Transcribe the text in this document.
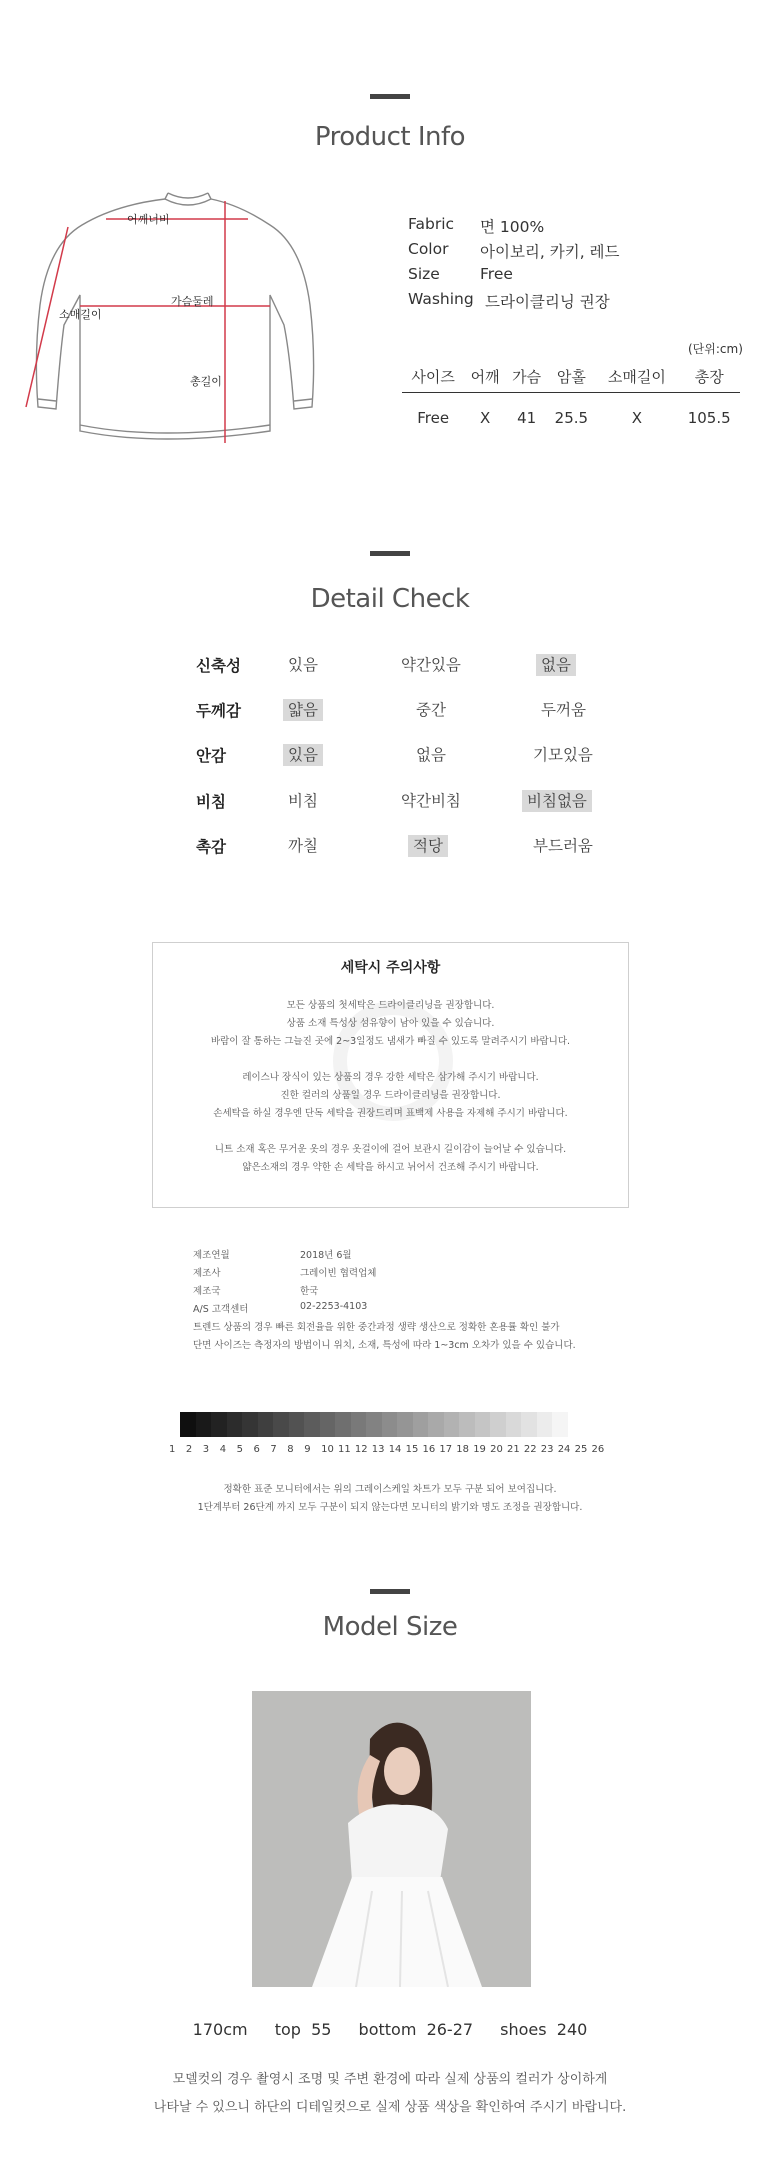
Product Info
어깨너비
가슴둘레
소매길이
총길이
Fabric	면 100%
Color	아이보리, 카키, 레드
Size	Free
Washing 드라이클리닝 권장
(단위:cm)
사이즈	어깨	가슴	암홀	소매길이	총장
Free	X	41	25.5	X	105.5
Detail Check
신축성	있음	약간있음	없음
두께감	얇음	중간	두꺼움
안감	있음	없음	기모있음
비침	비침	약간비침	비침없음
촉감	까칠	적당	부드러움
세탁시 주의사항
모든 상품의 첫세탁은 드라이클리닝을 권장합니다.
상품 소재 특성상 섬유향이 남아 있을 수 있습니다.
바람이 잘 통하는 그늘진 곳에 2~3일정도 냄새가 빠질 수 있도록 말려주시기 바랍니다.
레이스나 장식이 있는 상품의 경우 강한 세탁은 삼가해 주시기 바랍니다.
진한 컬러의 상품일 경우 드라이클리닝을 권장합니다.
손세탁을 하실 경우엔 단독 세탁을 권장드리며 표백제 사용을 자제해 주시기 바랍니다.
니트 소재 혹은 무거운 옷의 경우 옷걸이에 걸어 보관시 길이감이 늘어날 수 있습니다.
얇은소재의 경우 약한 손 세탁을 하시고 뉘어서 건조해 주시기 바랍니다.
제조연월	2018년 6월
제조사	그레이빈 협력업체
제조국	한국
A/S 고객센터	02-2253-4103
트렌드 상품의 경우 빠른 회전율을 위한 중간과정 생략 생산으로 정확한 혼용률 확인 불가
단면 사이즈는 측정자의 방법이니 위치, 소재, 특성에 따라 1~3cm 오차가 있을 수 있습니다.
1 2 3 4 5 6 7 8 9 10 11 12 13 14 15 16 17 18 19 20 21 22 23 24 25 26
정확한 표준 모니터에서는 위의 그레이스케일 차트가 모두 구분 되어 보여집니다.
1단계부터 26단계 까지 모두 구분이 되지 않는다면 모니터의 밝기와 명도 조정을 권장합니다.
Model Size
170cm top  55 bottom  26-27 shoes  240
모델컷의 경우 촬영시 조명 및 주변 환경에 따라 실제 상품의 컬러가 상이하게
나타날 수 있으니 하단의 디테일컷으로 실제 상품 색상을 확인하여 주시기 바랍니다.
